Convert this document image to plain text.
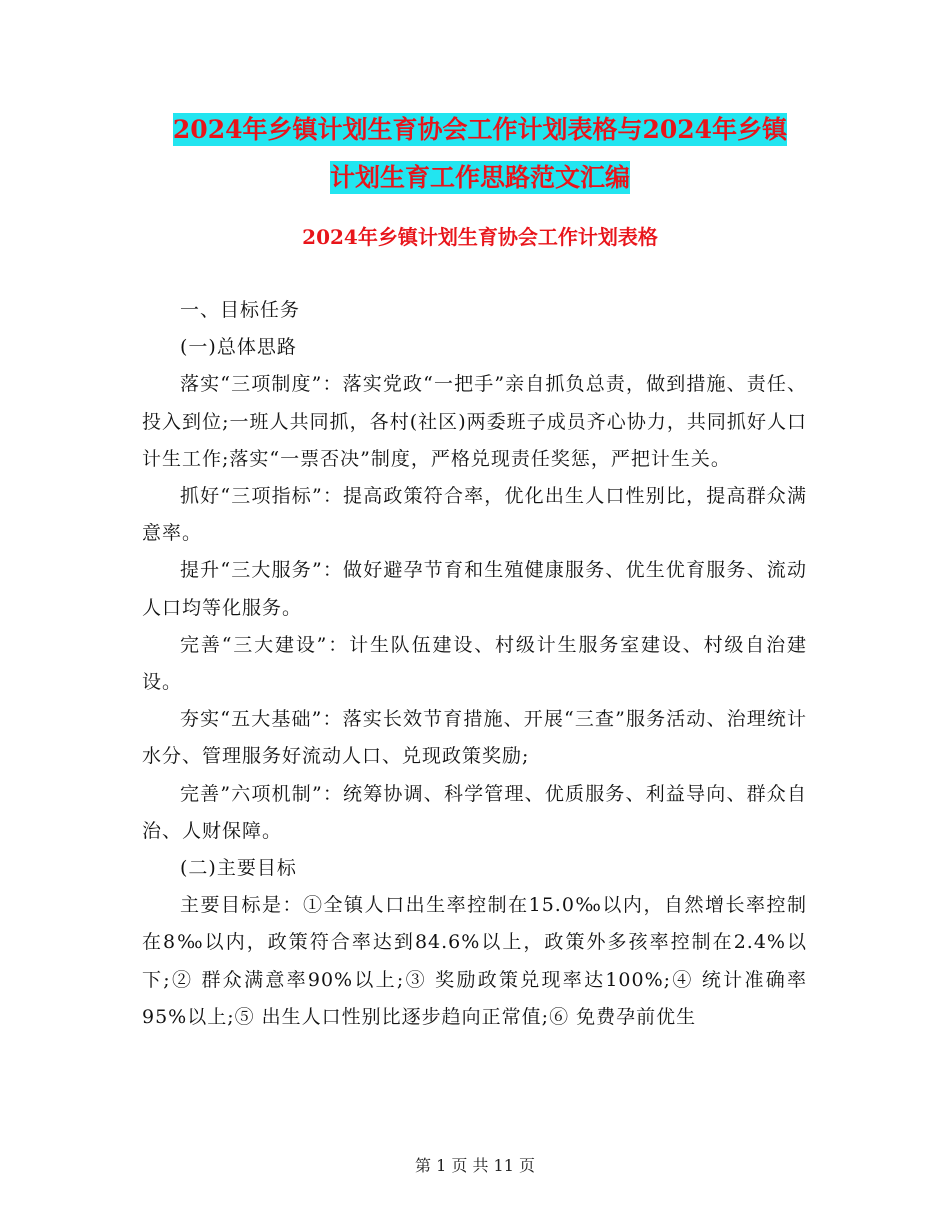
2024年乡镇计划生育协会工作计划表格与2024年乡镇
计划生育工作思路范文汇编
2024年乡镇计划生育协会工作计划表格

一、目标任务

(一)总体思路

落实“三项制度”：落实党政“一把手”亲自抓负总责，做到措施、责任、投入到位;一班人共同抓，各村(社区)两委班子成员齐心协力，共同抓好人口计生工作;落实“一票否决”制度，严格兑现责任奖惩，严把计生关。

抓好“三项指标”：提高政策符合率，优化出生人口性别比，提高群众满意率。

提升“三大服务”：做好避孕节育和生殖健康服务、优生优育服务、流动人口均等化服务。

完善“三大建设”：计生队伍建设、村级计生服务室建设、村级自治建设。

夯实“五大基础”：落实长效节育措施、开展“三查”服务活动、治理统计水分、管理服务好流动人口、兑现政策奖励;

完善”六项机制”：统筹协调、科学管理、优质服务、利益导向、群众自治、人财保障。

(二)主要目标

主要目标是：①全镇人口出生率控制在15.0‰以内，自然增长率控制在8‰以内，政策符合率达到84.6%以上，政策外多孩率控制在2.4%以下;② 群众满意率90%以上;③ 奖励政策兑现率达100%;④ 统计准确率95%以上;⑤ 出生人口性别比逐步趋向正常值;⑥ 免费孕前优生

第 1 页 共 11 页
